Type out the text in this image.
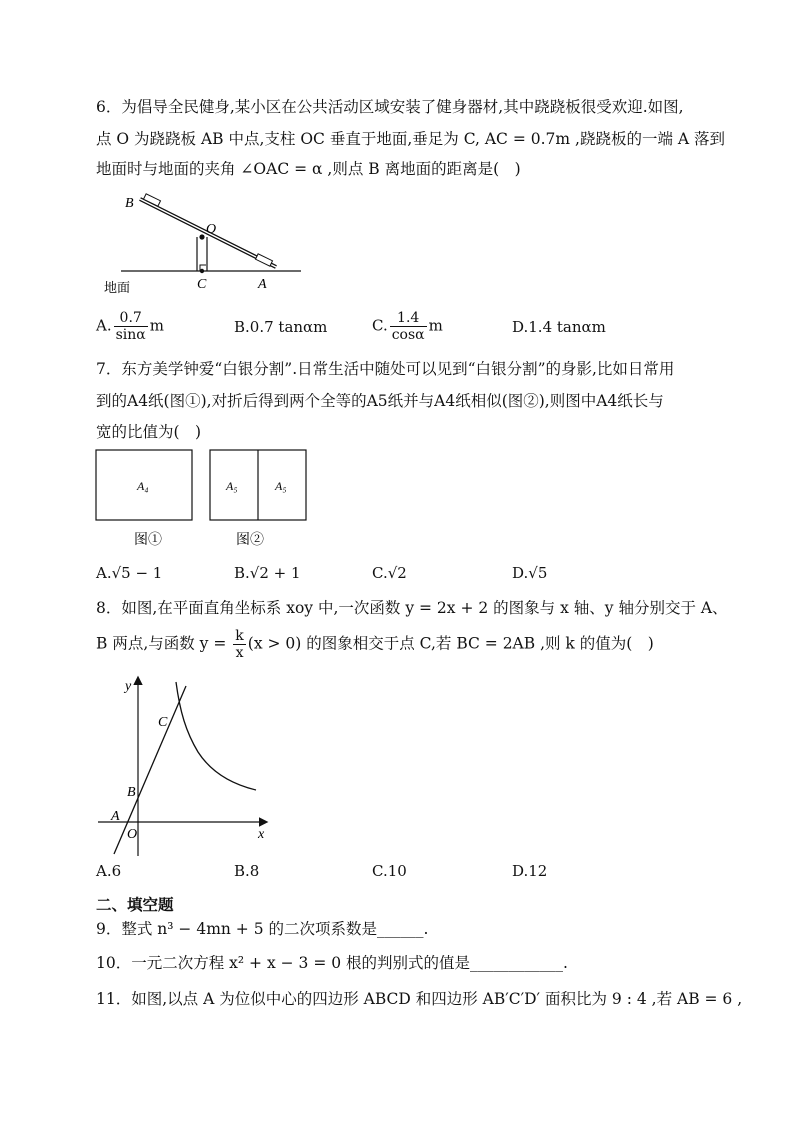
6．为倡导全民健身,某小区在公共活动区域安装了健身器材,其中跷跷板很受欢迎.如图,
点 O 为跷跷板 AB 中点,支柱 OC 垂直于地面,垂足为 C, AC = 0.7m ,跷跷板的一端 A 落到
地面时与地面的夹角 ∠OAC = α ,则点 B 离地面的距离是(　)
B
O
C	A
地面
A. $\frac{0.7}{\sin\alpha}$ m	B.0.7 tanαm	C. $\frac{1.4}{\cos\alpha}$ m	D.1.4 tanαm
7．东方美学钟爱“白银分割”.日常生活中随处可以见到“白银分割”的身影,比如日常用
到的A4纸(图①),对折后得到两个全等的A5纸并与A4纸相似(图②),则图中A4纸长与
宽的比值为(　)
A₄	A₅	A₅
图①	图②
A.√5 − 1	B.√2 + 1	C.√2	D.√5
8．如图,在平面直角坐标系 xoy 中,一次函数 y = 2x + 2 的图象与 x 轴、y 轴分别交于 A、
B 两点,与函数 $y = \frac{k}{x} (x > 0)$ 的图象相交于点 C,若 BC = 2AB ,则 k 的值为(　)
y
x
C
B
A
O
A.6	B.8	C.10	D.12
二、填空题
9．整式 n³ − 4mn + 5 的二次项系数是______.
10．一元二次方程 x² + x − 3 = 0 根的判别式的值是____________.
11．如图,以点 A 为位似中心的四边形 ABCD 和四边形 AB′C′D′ 面积比为 9 : 4 ,若 AB = 6 ,
